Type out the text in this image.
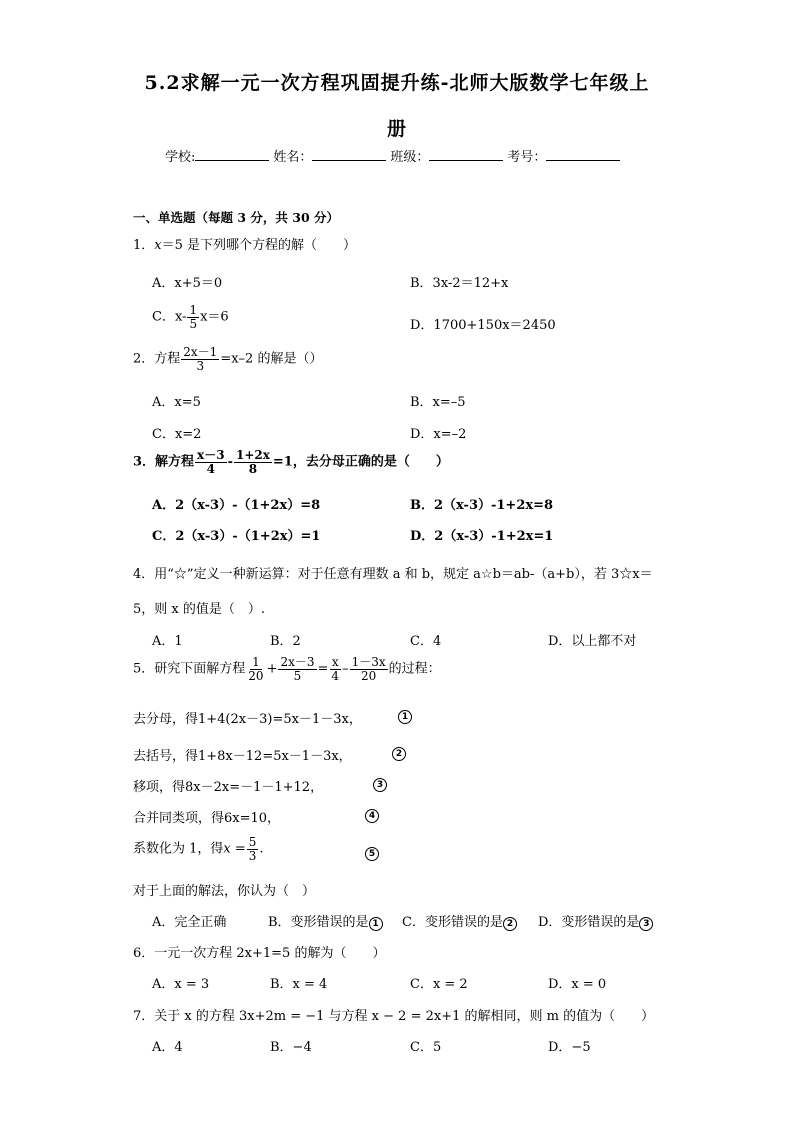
5.2求解一元一次方程巩固提升练-北师大版数学七年级上
册
学校:	姓名：	班级：	考号：
一、单选题（每题 3 分，共 30 分）
1．x＝5 是下列哪个方程的解（　　）
A．x+5＝0	B．3x-2＝12+x
C．$x- \frac{1}{5} x=6$
D．1700+150x＝2450
2．方程 $\frac{2x-1}{3} =x-2$ 的解是（）
A．x=5	B．x=–5
C．x=2	D．x=–2
3．解方程 $\frac{x-3}{4} - \frac{1+2x}{8} =1$，去分母正确的是（　　）
A．2（x-3）-（1+2x）=8	B．2（x-3）-1+2x=8
C．2（x-3）-（1+2x）=1	D．2（x-3）-1+2x=1
4．用“☆”定义一种新运算：对于任意有理数 a 和 b，规定 a☆b＝ab-（a+b），若 3☆x＝
5，则 x 的值是（　）.
A．1	B．2	C．4	D．以上都不对
5．研究下面解方程 $\frac{1}{20} + \frac{2x-3}{5} = \frac{x}{4} - \frac{1-3x}{20}$ 的过程：
去分母，得1+4(2x－3)=5x－1－3x，	1
去括号，得1+8x－12=5x－1－3x，	2
移项，得8x－2x=－1－1+12，	3
合并同类项，得6x=10，	4
系数化为 1，得$x = \frac{5}{3}$ .	5
对于上面的解法，你认为（　）
A．完全正确	B．变形错误的是 1 C．变形错误的是 2 D．变形错误的是 3
6．一元一次方程 2x+1=5 的解为（　　）
A．x = 3	B．x = 4	C．x = 2	D．x = 0
7．关于 x 的方程 3x+2m = −1 与方程 x − 2 = 2x+1 的解相同，则 m 的值为（　　）
A．4	B．−4	C．5	D．−5
